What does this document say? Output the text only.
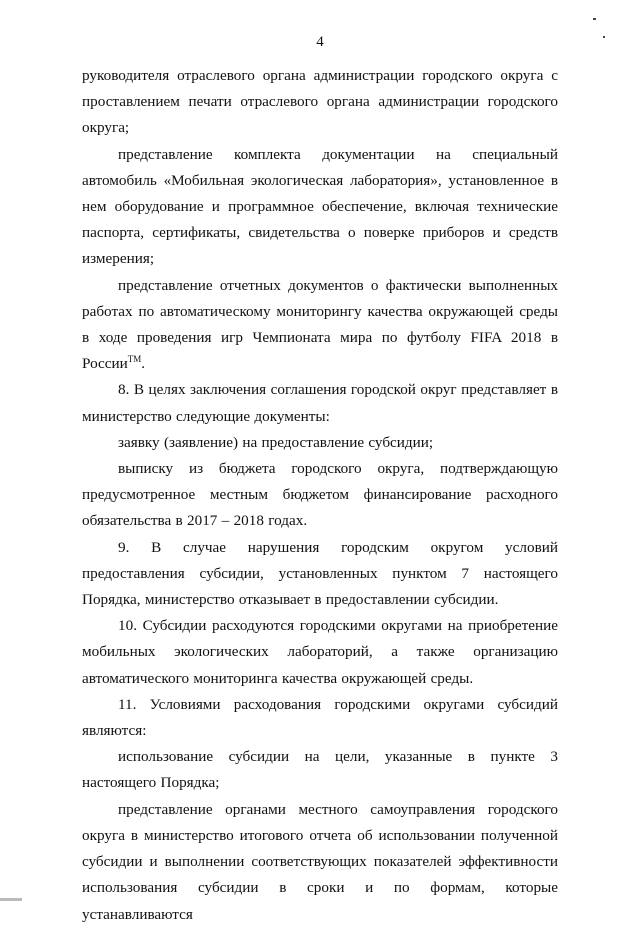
4

руководителя отраслевого органа администрации городского округа с проставлением печати отраслевого органа администрации городского округа;

представление комплекта документации на специальный автомобиль «Мобильная экологическая лаборатория», установленное в нем оборудование и программное обеспечение, включая технические паспорта, сертификаты, свидетельства о поверке приборов и средств измерения;

представление отчетных документов о фактически выполненных работах по автоматическому мониторингу качества окружающей среды в ходе проведения игр Чемпионата мира по футболу FIFA 2018 в России™.

8. В целях заключения соглашения городской округ представляет в министерство следующие документы:

заявку (заявление) на предоставление субсидии;

выписку из бюджета городского округа, подтверждающую предусмотренное местным бюджетом финансирование расходного обязательства в 2017 – 2018 годах.

9. В случае нарушения городским округом условий предоставления субсидии, установленных пунктом 7 настоящего Порядка, министерство отказывает в предоставлении субсидии.

10. Субсидии расходуются городскими округами на приобретение мобильных экологических лабораторий, а также организацию автоматического мониторинга качества окружающей среды.

11. Условиями расходования городскими округами субсидий являются:

использование субсидии на цели, указанные в пункте 3 настоящего Порядка;

представление органами местного самоуправления городского округа в министерство итогового отчета об использовании полученной субсидии и выполнении соответствующих показателей эффективности использования субсидии в сроки и по формам, которые устанавливаются
